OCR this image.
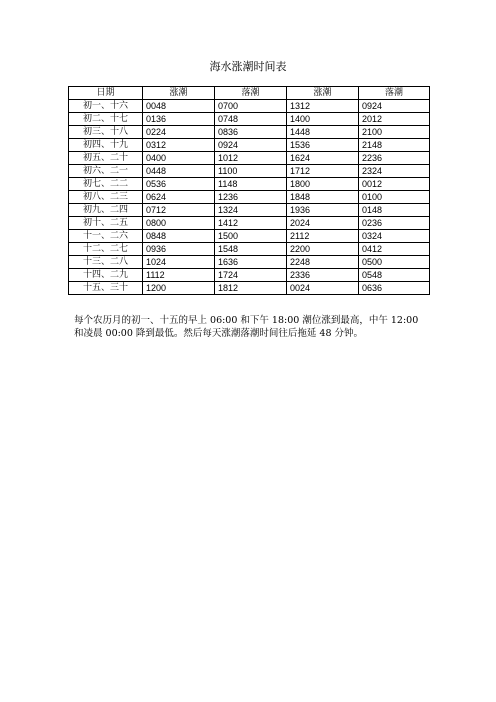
海水涨潮时间表
日期	涨潮	落潮	涨潮	落潮
初一、十六	0048	0700	1312	0924
初二、十七	0136	0748	1400	2012
初三、十八	0224	0836	1448	2100
初四、十九	0312	0924	1536	2148
初五、二十	0400	1012	1624	2236
初六、二一	0448	1100	1712	2324
初七、二二	0536	1148	1800	0012
初八、二三	0624	1236	1848	0100
初九、二四	0712	1324	1936	0148
初十、二五	0800	1412	2024	0236
十一、二六	0848	1500	2112	0324
十二、二七	0936	1548	2200	0412
十三、二八	1024	1636	2248	0500
十四、二九	1112	1724	2336	0548
十五、三十	1200	1812	0024	0636
每个农历月的初一、十五的早上 06:00 和下午 18:00 潮位涨到最高，中午 12:00
和凌晨 00:00 降到最低。然后每天涨潮落潮时间往后拖延 48 分钟。
